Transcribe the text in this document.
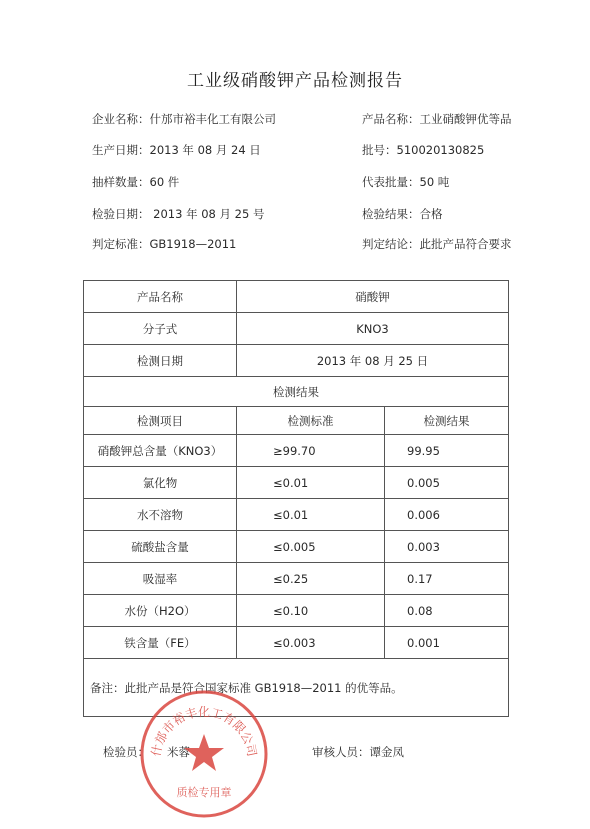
工业级硝酸钾产品检测报告
企业名称：什邡市裕丰化工有限公司	产品名称：工业硝酸钾优等品
生产日期：2013 年 08 月 24 日	批号：510020130825
抽样数量：60 件	代表批量：50 吨
检验日期： 2013 年 08 月 25 号	检验结果：合格
判定标准：GB1918—2011	判定结论：此批产品符合要求
产品名称	硝酸钾	
分子式	KNO3	
检测日期	2013 年 08 月 25 日	
检测结果		
检测项目	检测标准	检测结果
硝酸钾总含量（KNO3）	≥99.70	99.95
氯化物	≤0.01	0.005
水不溶物	≤0.01	0.006
硫酸盐含量	≤0.005	0.003
吸湿率	≤0.25	0.17
水份（H2O）	≤0.10	0.08
铁含量（FE）	≤0.003	0.001

备注：此批产品是符合国家标准 GB1918—2011 的优等品。
检验员： 米蓉	审核人员：谭金凤
什邡市裕丰化工有限公司
质检专用章
